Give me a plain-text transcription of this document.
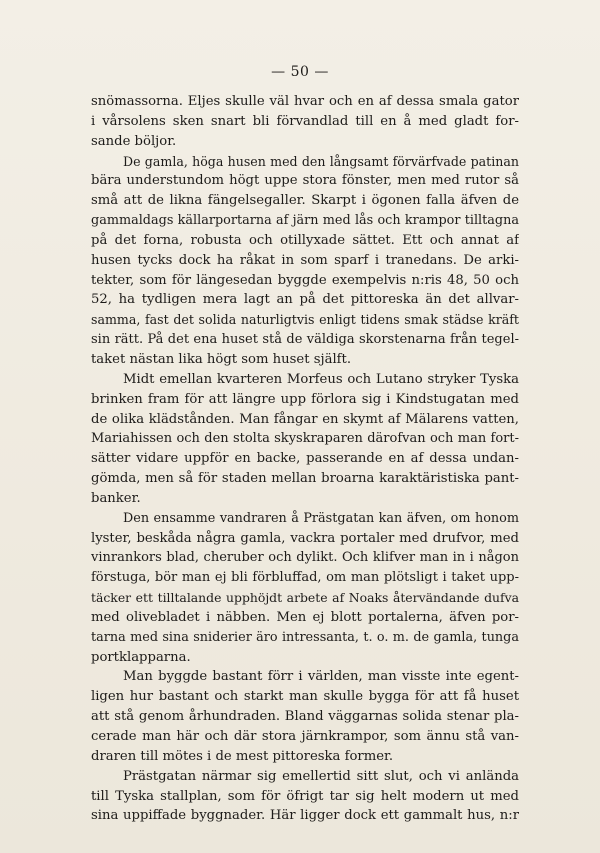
— 50 —
snömassorna. Eljes skulle väl hvar och en af dessa smala gator
i vårsolens sken snart bli förvandlad till en å med gladt for-
sande böljor.
De gamla, höga husen med den långsamt förvärfvade patinan
bära understundom högt uppe stora fönster, men med rutor så
små att de likna fängelsegaller. Skarpt i ögonen falla äfven de
gammaldags källarportarna af järn med lås och krampor tilltagna
på det forna, robusta och otillyxade sättet. Ett och annat af
husen tycks dock ha råkat in som sparf i tranedans. De arki-
tekter, som för längesedan byggde exempelvis n:ris 48, 50 och
52, ha tydligen mera lagt an på det pittoreska än det allvar-
samma, fast det solida naturligtvis enligt tidens smak städse kräft
sin rätt. På det ena huset stå de väldiga skorstenarna från tegel-
taket nästan lika högt som huset själft.
Midt emellan kvarteren Morfeus och Lutano stryker Tyska
brinken fram för att längre upp förlora sig i Kindstugatan med
de olika klädstånden. Man fångar en skymt af Mälarens vatten,
Mariahissen och den stolta skyskraparen därofvan och man fort-
sätter vidare uppför en backe, passerande en af dessa undan-
gömda, men så för staden mellan broarna karaktäristiska pant-
banker.
Den ensamme vandraren å Prästgatan kan äfven, om honom
lyster, beskåda några gamla, vackra portaler med drufvor, med
vinrankors blad, cheruber och dylikt. Och klifver man in i någon
förstuga, bör man ej bli förbluffad, om man plötsligt i taket upp-
täcker ett tilltalande upphöjdt arbete af Noaks återvändande dufva
med olivebladet i näbben. Men ej blott portalerna, äfven por-
tarna med sina sniderier äro intressanta, t. o. m. de gamla, tunga
portklapparna.
Man byggde bastant förr i världen, man visste inte egent-
ligen hur bastant och starkt man skulle bygga för att få huset
att stå genom århundraden. Bland väggarnas solida stenar pla-
cerade man här och där stora järnkrampor, som ännu stå van-
draren till mötes i de mest pittoreska former.
Prästgatan närmar sig emellertid sitt slut, och vi anlända
till Tyska stallplan, som för öfrigt tar sig helt modern ut med
sina uppiffade byggnader. Här ligger dock ett gammalt hus, n:r
